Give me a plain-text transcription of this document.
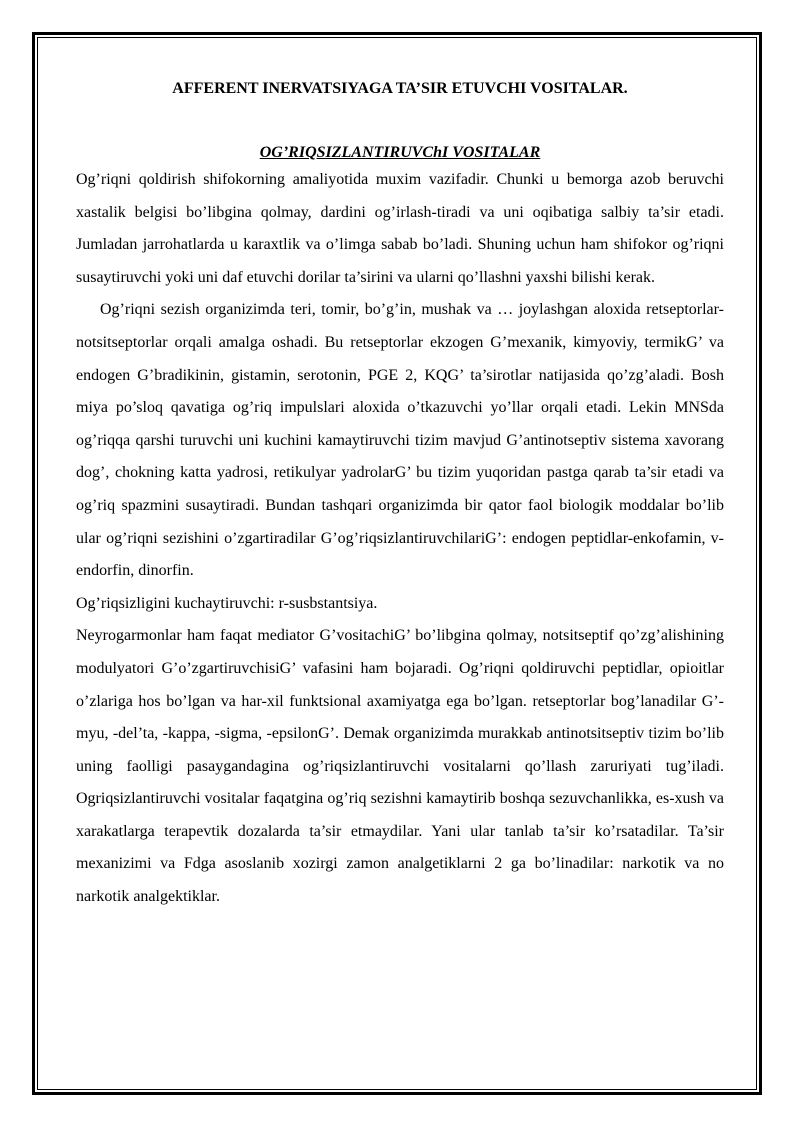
AFFERENT INERVATSIYAGA TA’SIR ETUVCHI VOSITALAR.
OG’RIQSIZLANTIRUVChI VOSITALAR

Og’riqni qoldirish shifokorning amaliyotida muxim vazifadir. Chunki u bemorga azob beruvchi xastalik belgisi bo’libgina qolmay, dardini og’irlash-tiradi va uni oqibatiga salbiy ta’sir etadi. Jumladan jarrohatlarda u karaxtlik va o’limga sabab bo’ladi. Shuning uchun ham shifokor og’riqni susaytiruvchi yoki uni daf etuvchi dorilar ta’sirini va ularni qo’llashni yaxshi bilishi kerak.

Og’riqni sezish organizimda teri, tomir, bo’g’in, mushak va … joylashgan aloxida retseptorlar-notsitseptorlar orqali amalga oshadi. Bu retseptorlar ekzogen G’mexanik, kimyoviy, termikG’ va endogen G’bradikinin, gistamin, serotonin, PGE 2, KQG’ ta’sirotlar natijasida qo’zg’aladi. Bosh miya po’sloq qavatiga og’riq impulslari aloxida o’tkazuvchi yo’llar orqali etadi. Lekin MNSda og’riqqa qarshi turuvchi uni kuchini kamaytiruvchi tizim mavjud G’antinotseptiv sistema xavorang dog’, chokning katta yadrosi, retikulyar yadrolarG’ bu tizim yuqoridan pastga qarab ta’sir etadi va og’riq spazmini susaytiradi. Bundan tashqari organizimda bir qator faol biologik moddalar bo’lib ular og’riqni sezishini o’zgartiradilar G’og’riqsizlantiruvchilariG’: endogen peptidlar-enkofamin, v-endorfin, dinorfin.

Og’riqsizligini kuchaytiruvchi: r-susbstantsiya.

Neyrogarmonlar ham faqat mediator G’vositachiG’ bo’libgina qolmay, notsitseptif qo’zg’alishining modulyatori G’o’zgartiruvchisiG’ vafasini ham bojaradi. Og’riqni qoldiruvchi peptidlar, opioitlar o’zlariga hos bo’lgan va har-xil funktsional axamiyatga ega bo’lgan. retseptorlar bog’lanadilar G’-myu, -del’ta, -kappa, -sigma, -epsilonG’. Demak organizimda murakkab antinotsitseptiv tizim bo’lib uning faolligi pasaygandagina og’riqsizlantiruvchi vositalarni qo’llash zaruriyati tug’iladi. Ogriqsizlantiruvchi vositalar faqatgina og’riq sezishni kamaytirib boshqa sezuvchanlikka, es-xush va xarakatlarga terapevtik dozalarda ta’sir etmaydilar. Yani ular tanlab ta’sir ko’rsatadilar. Ta’sir mexanizimi va Fdga asoslanib xozirgi zamon analgetiklarni 2 ga bo’linadilar: narkotik va no narkotik analgektiklar.
